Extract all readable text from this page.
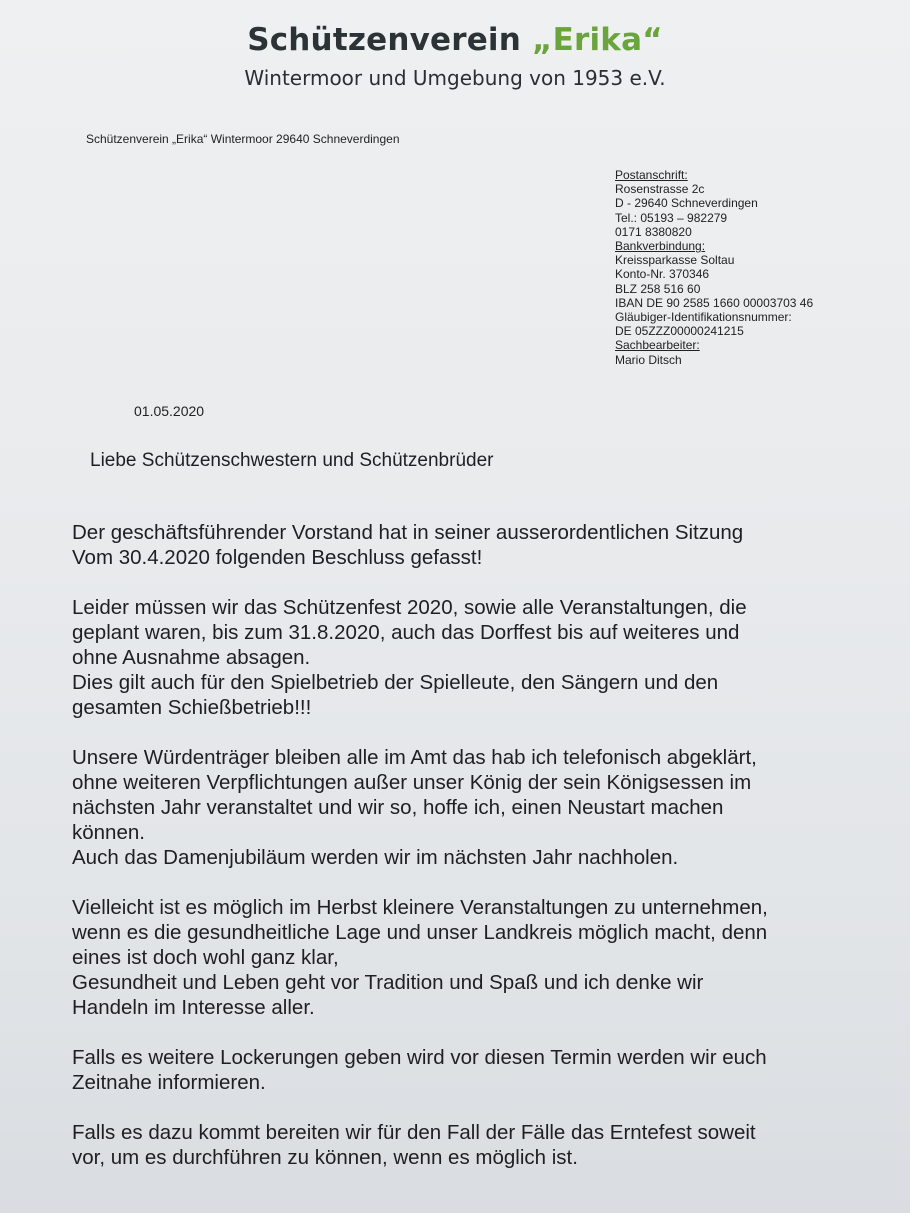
Schützenverein „Erika“
Wintermoor und Umgebung von 1953 e.V.
Schützenverein „Erika“ Wintermoor 29640 Schneverdingen
Postanschrift:
Rosenstrasse 2c
D - 29640 Schneverdingen
Tel.: 05193 – 982279
0171 8380820
Bankverbindung:
Kreissparkasse Soltau
Konto-Nr. 370346
BLZ 258 516 60
IBAN DE 90 2585 1660 00003703 46
Gläubiger-Identifikationsnummer:
DE 05ZZZ00000241215
Sachbearbeiter:
Mario Ditsch
01.05.2020
Liebe Schützenschwestern und Schützenbrüder

Der geschäftsführender Vorstand hat in seiner ausserordentlichen Sitzung
Vom 30.4.2020 folgenden Beschluss gefasst!

Leider müssen wir das Schützenfest 2020, sowie alle Veranstaltungen, die
geplant waren, bis zum 31.8.2020, auch das Dorffest bis auf weiteres und
ohne Ausnahme absagen.
Dies gilt auch für den Spielbetrieb der Spielleute, den Sängern und den
gesamten Schießbetrieb!!!

Unsere Würdenträger bleiben alle im Amt das hab ich telefonisch abgeklärt,
ohne weiteren Verpflichtungen außer unser König der sein Königsessen im
nächsten Jahr veranstaltet und wir so, hoffe ich, einen Neustart machen
können.
Auch das Damenjubiläum werden wir im nächsten Jahr nachholen.

Vielleicht ist es möglich im Herbst kleinere Veranstaltungen zu unternehmen,
wenn es die gesundheitliche Lage und unser Landkreis möglich macht, denn
eines ist doch wohl ganz klar,
Gesundheit und Leben geht vor Tradition und Spaß und ich denke wir
Handeln im Interesse aller.

Falls es weitere Lockerungen geben wird vor diesen Termin werden wir euch
Zeitnahe informieren.

Falls es dazu kommt bereiten wir für den Fall der Fälle das Erntefest soweit
vor, um es durchführen zu können, wenn es möglich ist.
